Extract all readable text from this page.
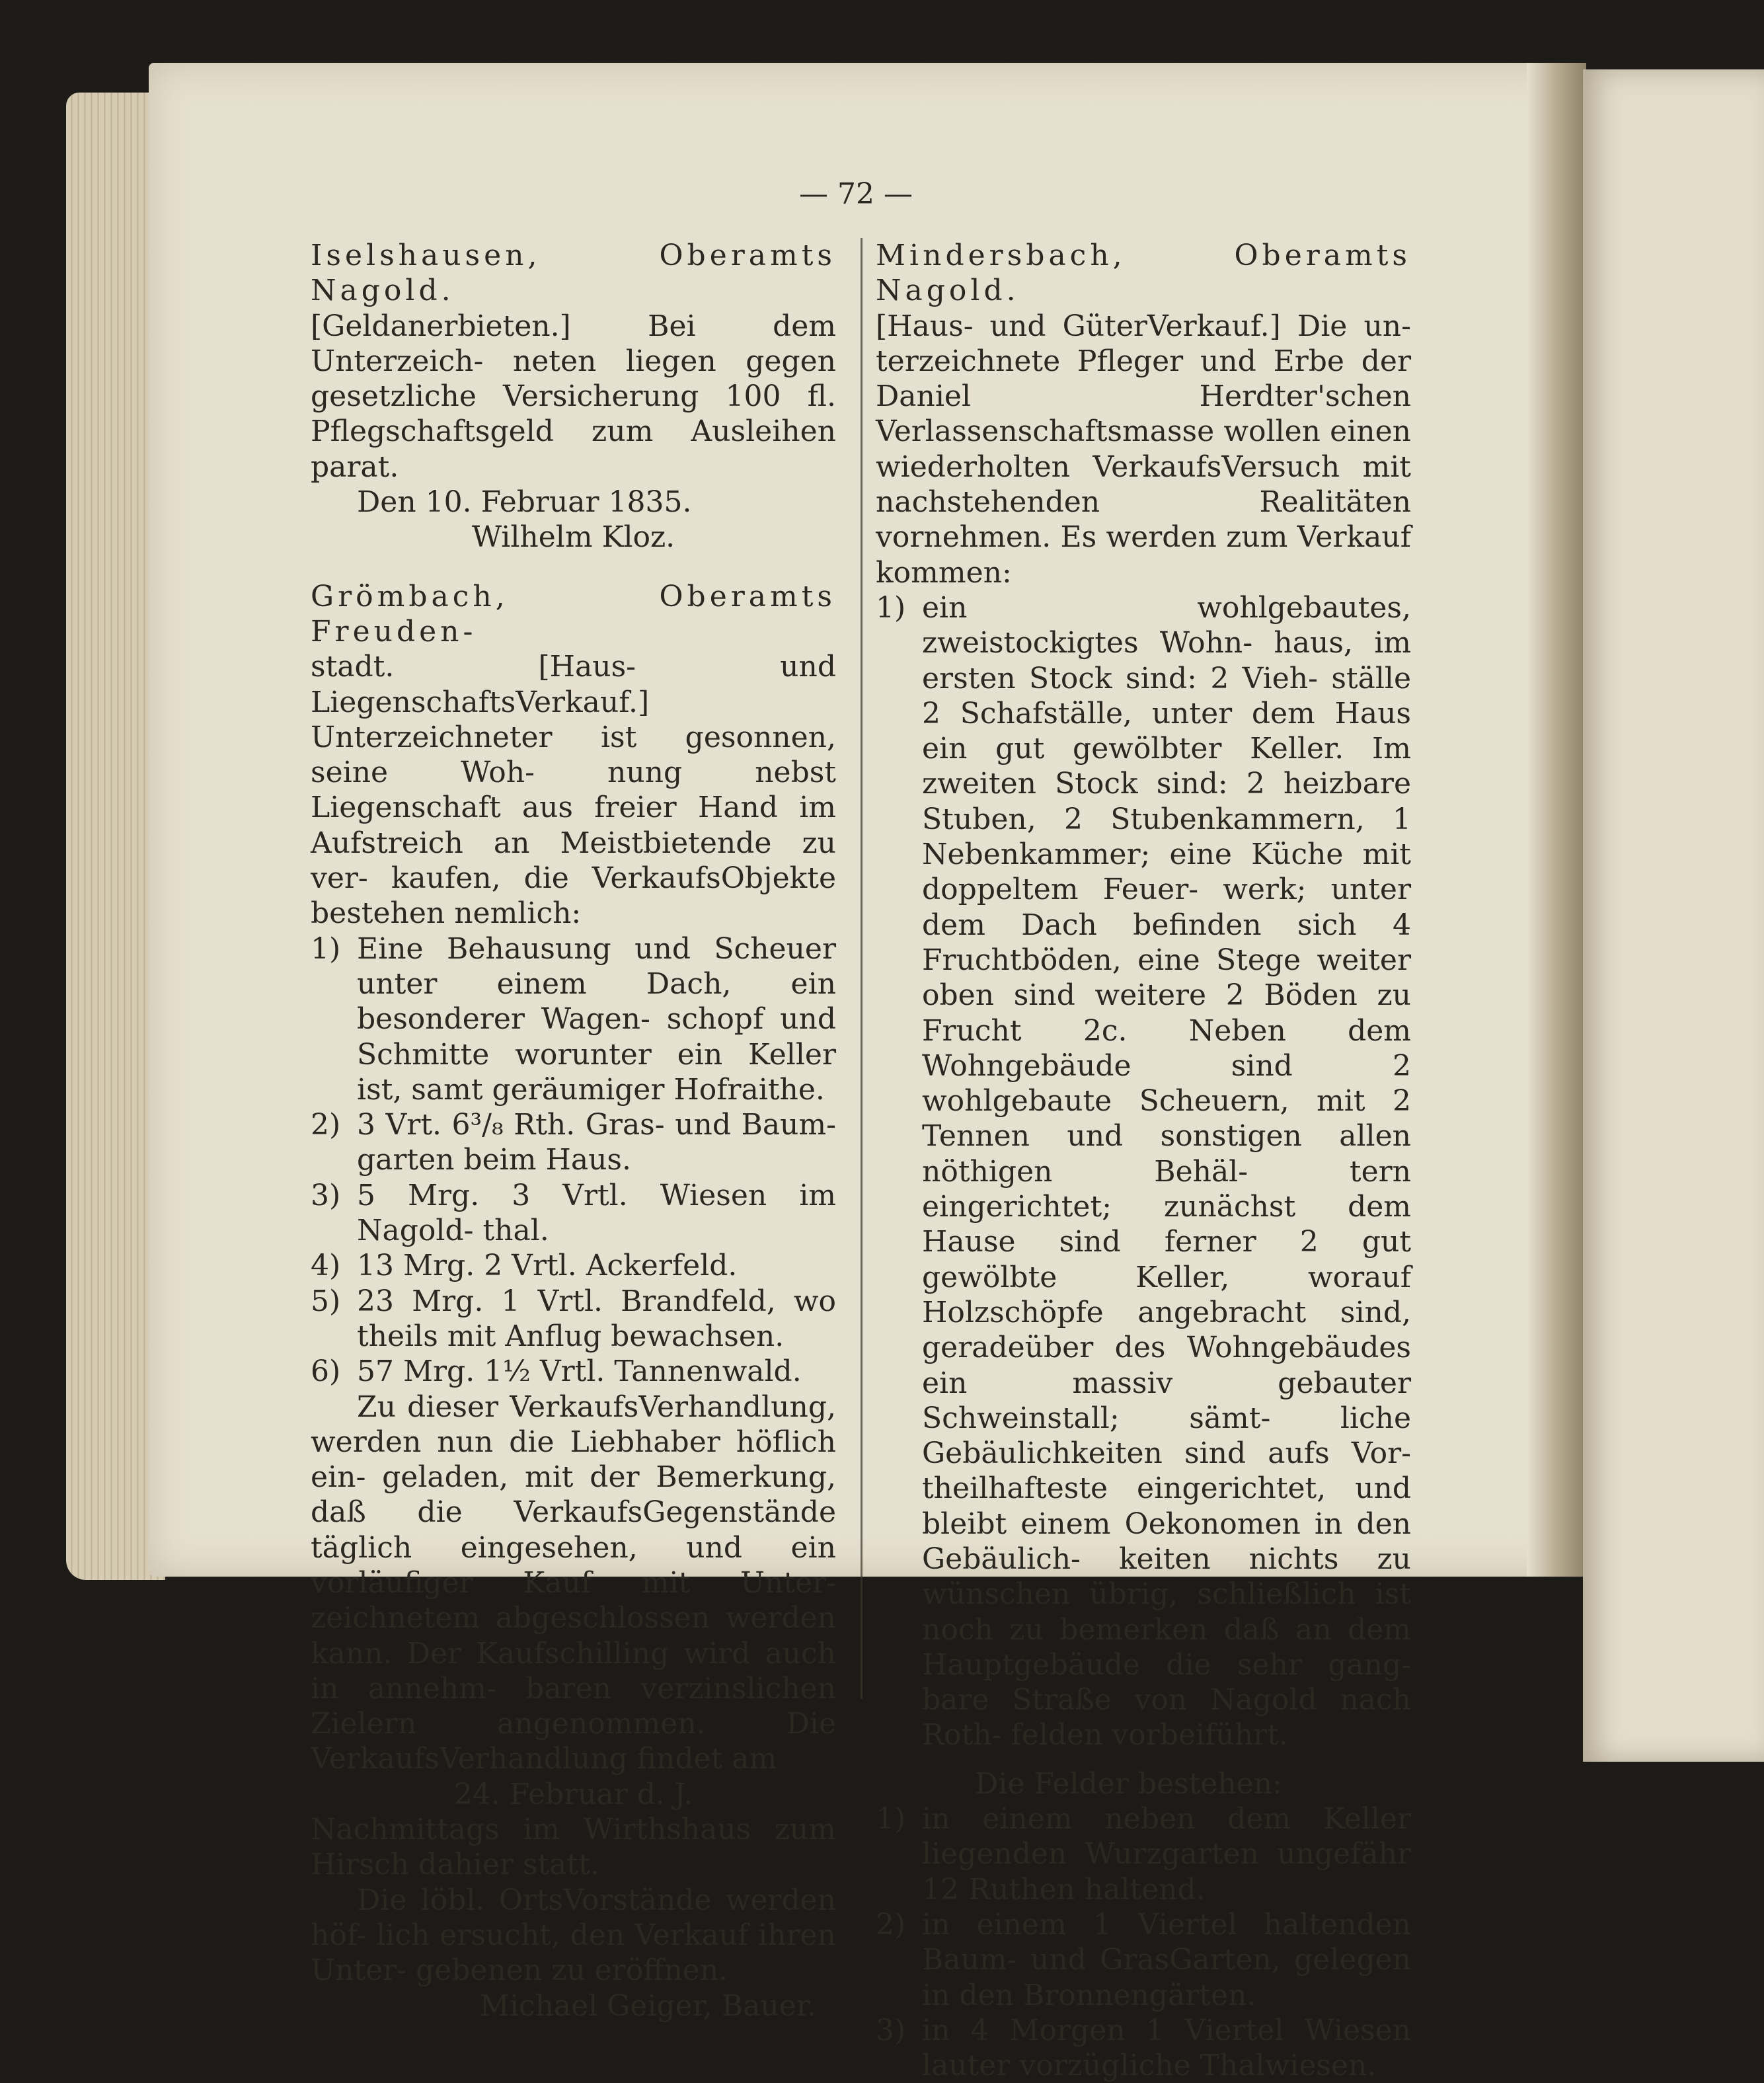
— 72 —

Iselshausen, Oberamts Nagold.

[Geldanerbieten.] Bei dem Unterzeich- neten liegen gegen gesetzliche Versicherung 100 fl. Pflegschaftsgeld zum Ausleihen parat.

Den 10. Februar 1835.

Wilhelm Kloz.

Grömbach, Oberamts Freuden-

stadt. [Haus- und LiegenschaftsVerkauf.] Unterzeichneter ist gesonnen, seine Woh- nung nebst Liegenschaft aus freier Hand im Aufstreich an Meistbietende zu ver- kaufen, die VerkaufsObjekte bestehen nemlich:

1) Eine Behausung und Scheuer unter einem Dach, ein besonderer Wagen- schopf und Schmitte worunter ein Keller ist, samt geräumiger Hofraithe.
2) 3 Vrt. 6³/₈ Rth. Gras- und Baum- garten beim Haus.
3) 5 Mrg. 3 Vrtl. Wiesen im Nagold- thal.
4) 13 Mrg. 2 Vrtl. Ackerfeld.
5) 23 Mrg. 1 Vrtl. Brandfeld, wo theils mit Anflug bewachsen.
6) 57 Mrg. 1½ Vrtl. Tannenwald.

Zu dieser VerkaufsVerhandlung, werden nun die Liebhaber höflich ein- geladen, mit der Bemerkung, daß die VerkaufsGegenstände täglich eingesehen, und ein vorläufiger Kauf mit Unter- zeichnetem abgeschlossen werden kann. Der Kaufschilling wird auch in annehm- baren verzinslichen Zielern angenommen. Die VerkaufsVerhandlung findet am

24. Februar d. J.

Nachmittags im Wirthshaus zum Hirsch dahier statt.

Die löbl. OrtsVorstände werden höf- lich ersucht, den Verkauf ihren Unter- gebenen zu eröffnen.

Michael Geiger, Bauer.

Mindersbach, Oberamts Nagold.

[Haus- und GüterVerkauf.] Die un- terzeichnete Pfleger und Erbe der Daniel Herdter'schen Verlassenschaftsmasse wollen einen wiederholten VerkaufsVersuch mit nachstehenden Realitäten vornehmen. Es werden zum Verkauf kommen:

1) ein wohlgebautes, zweistockigtes Wohn- haus, im ersten Stock sind: 2 Vieh- ställe 2 Schafställe, unter dem Haus ein gut gewölbter Keller. Im zweiten Stock sind: 2 heizbare Stuben, 2 Stubenkammern, 1 Nebenkammer; eine Küche mit doppeltem Feuer- werk; unter dem Dach befinden sich 4 Fruchtböden, eine Stege weiter oben sind weitere 2 Böden zu Frucht 2c. Neben dem Wohngebäude sind 2 wohlgebaute Scheuern, mit 2 Tennen und sonstigen allen nöthigen Behäl- tern eingerichtet; zunächst dem Hause sind ferner 2 gut gewölbte Keller, worauf Holzschöpfe angebracht sind, geradeüber des Wohngebäudes ein massiv gebauter Schweinstall; sämt- liche Gebäulichkeiten sind aufs Vor- theilhafteste eingerichtet, und bleibt einem Oekonomen in den Gebäulich- keiten nichts zu wünschen übrig, schließlich ist noch zu bemerken daß an dem Hauptgebäude die sehr gang- bare Straße von Nagold nach Roth- felden vorbeiführt.

Die Felder bestehen:

1) in einem neben dem Keller liegenden Wurzgarten ungefähr 12 Ruthen haltend.
2) in einem 1 Viertel haltenden Baum- und GrasGarten, gelegen in den Bronnengärten.
3) in 4 Morgen 1 Viertel Wiesen lauter vorzügliche Thalwiesen.
